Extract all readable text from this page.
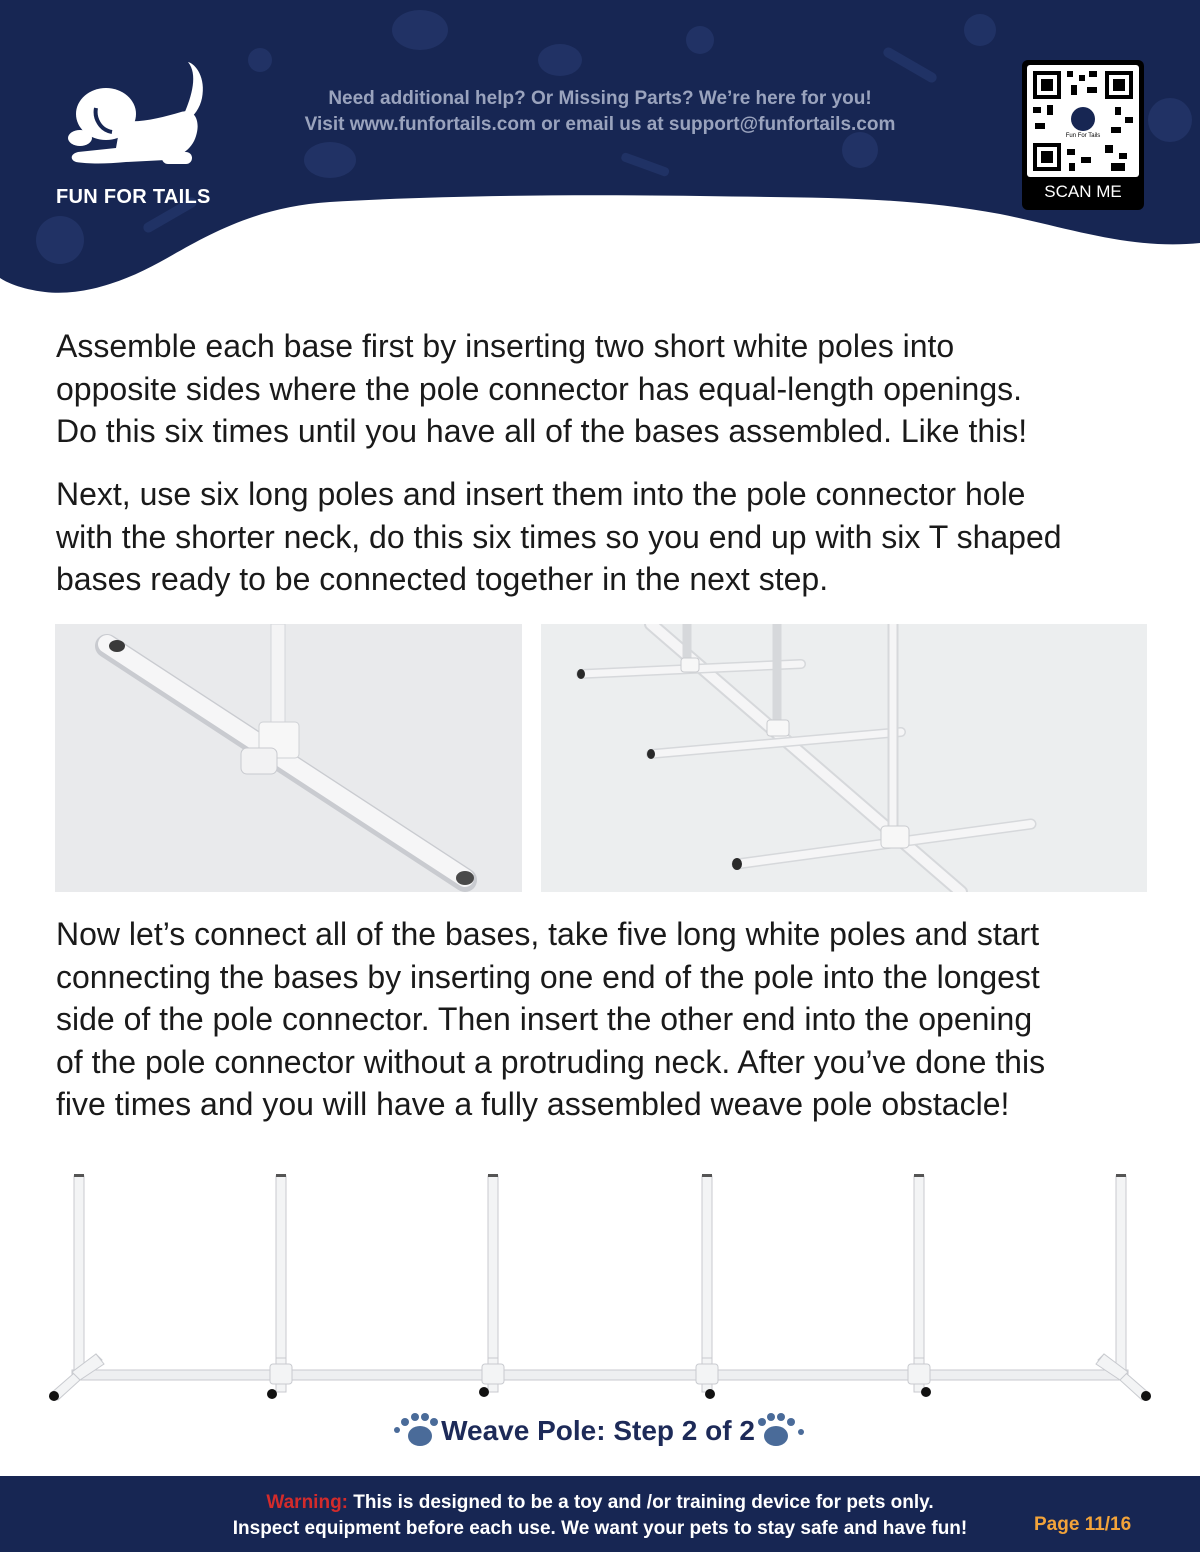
FUN FOR TAILS
Need additional help? Or Missing Parts? We’re here for you!
Visit www.funfortails.com or email us at support@funfortails.com
Fun For Tails
SCAN ME

Assemble each base first by inserting two short white poles into
opposite sides where the pole connector has equal-length openings.
Do this six times until you have all of the bases assembled. Like this!

Next, use six long poles and insert them into the pole connector hole
with the shorter neck, do this six times so you end up with six T shaped
bases ready to be connected together in the next step.

Now let’s connect all of the bases, take five long white poles and start
connecting the bases by inserting one end of the pole into the longest
side of the pole connector. Then insert the other end into the opening
of the pole connector without a protruding neck. After you’ve done this
five times and you will have a fully assembled weave pole obstacle!

Weave Pole: Step 2 of 2
Warning: This is designed to be a toy and /or training device for pets only.
Inspect equipment before each use. We want your pets to stay safe and have fun!	Page 11/16
